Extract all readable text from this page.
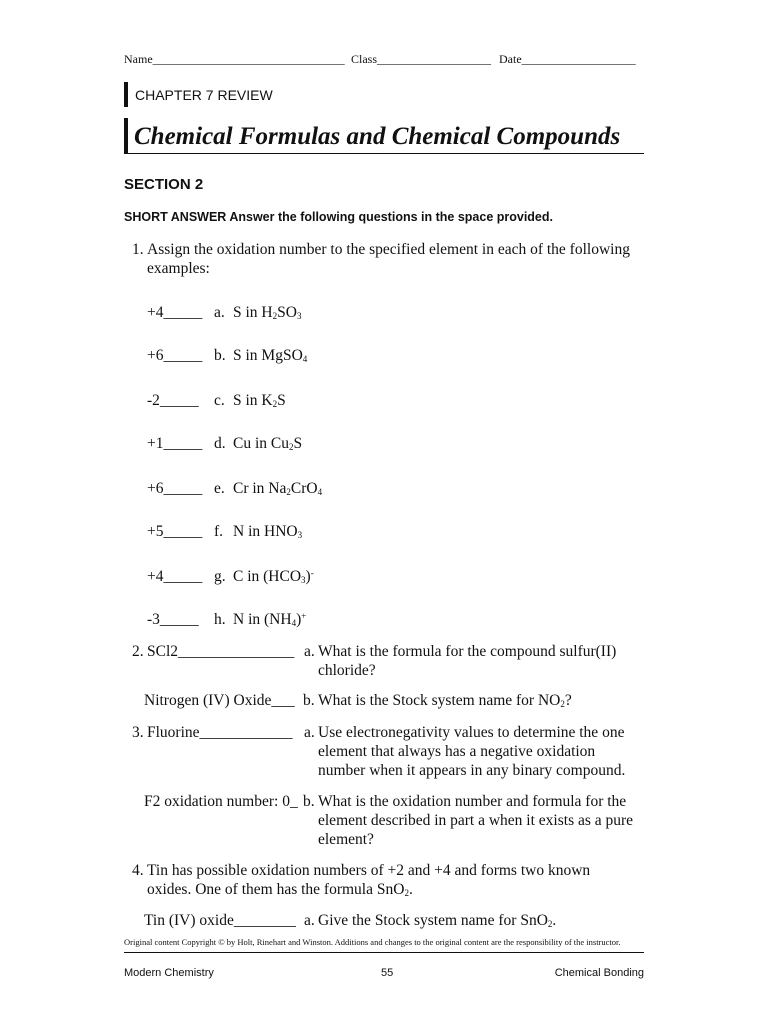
Name________________________________ Class___________________ Date___________________
CHAPTER 7 REVIEW
Chemical Formulas and Chemical Compounds
SECTION 2
SHORT ANSWER Answer the following questions in the space provided.
1. Assign the oxidation number to the specified element in each of the following
examples:
+4_____ a. S in $H_2SO_3$
+6_____ b. S in MgSO$_4$
-2_____ c. S in $K_2S$
+1_____ d. Cu in $Cu_2S$
+6_____ e. Cr in $Na_2CrO_4$
+5_____ f. N in $HNO_3$
+4_____ g. C in $(HCO_3)^-$
-3_____ h. N in $(NH_4)^+$
2. SCl2_______________ a. What is the formula for the compound sulfur(II)
chloride?
Nitrogen (IV) Oxide___ b. What is the Stock system name for $NO_2$?
3. Fluorine____________ a. Use electronegativity values to determine the one
element that always has a negative oxidation
number when it appears in any binary compound.
F2 oxidation number: 0_ b. What is the oxidation number and formula for the
element described in part a when it exists as a pure
element?
4. Tin has possible oxidation numbers of +2 and +4 and forms two known
oxides. One of them has the formula SnO$_2$.
Tin (IV) oxide________ a. Give the Stock system name for SnO$_2$.
Original content Copyright © by Holt, Rinehart and Winston. Additions and changes to the original content are the responsibility of the instructor.
Modern Chemistry	55	Chemical Bonding
